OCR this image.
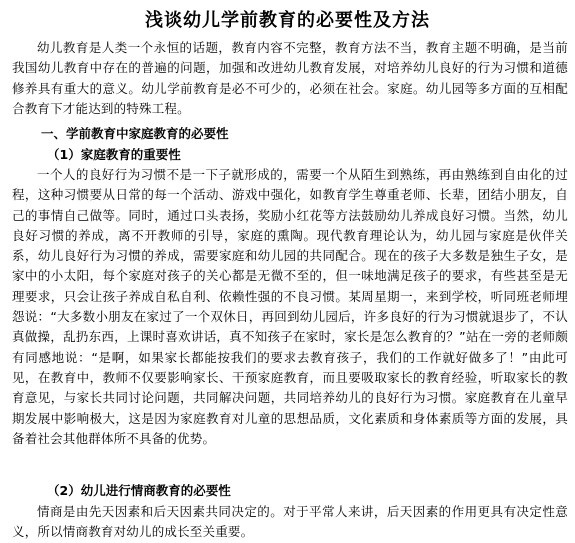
浅谈幼儿学前教育的必要性及方法

幼儿教育是人类一个永恒的话题，教育内容不完整，教育方法不当，教育主题不明确，是当前我国幼儿教育中存在的普遍的问题，加强和改进幼儿教育发展，对培养幼儿良好的行为习惯和道德修养具有重大的意义。幼儿学前教育是必不可少的，必须在社会。家庭。幼儿园等多方面的互相配合教育下才能达到的特殊工程。

一、学前教育中家庭教育的必要性
（1）家庭教育的重要性

一个人的良好行为习惯不是一下子就形成的，需要一个从陌生到熟练，再由熟练到自由化的过程，这种习惯要从日常的每一个活动、游戏中强化，如教育学生尊重老师、长辈，团结小朋友，自己的事情自己做等。同时，通过口头表扬，奖励小红花等方法鼓励幼儿养成良好习惯。当然，幼儿良好习惯的养成，离不开教师的引导，家庭的熏陶。现代教育理论认为，幼儿园与家庭是伙伴关系，幼儿良好行为习惯的养成，需要家庭和幼儿园的共同配合。现在的孩子大多数是独生子女，是家中的小太阳，每个家庭对孩子的关心都是无微不至的，但一味地满足孩子的要求，有些甚至是无理要求，只会让孩子养成自私自利、依赖性强的不良习惯。某周星期一，来到学校，听同班老师埋怨说：“大多数小朋友在家过了一个双休日，再回到幼儿园后，许多良好的行为习惯就退步了，不认真做操，乱扔东西，上课时喜欢讲话，真不知孩子在家时，家长是怎么教育的？”站在一旁的老师颇有同感地说：“是啊，如果家长都能按我们的要求去教育孩子，我们的工作就好做多了！”由此可见，在教育中，教师不仅要影响家长、干预家庭教育，而且要吸取家长的教育经验，听取家长的教育意见，与家长共同讨论问题，共同解决问题，共同培养幼儿的良好行为习惯。家庭教育在儿童早期发展中影响极大，这是因为家庭教育对儿童的思想品质，文化素质和身体素质等方面的发展，具备着社会其他群体所不具备的优势。

（2）幼儿进行情商教育的必要性

情商是由先天因素和后天因素共同决定的。对于平常人来讲，后天因素的作用更具有决定性意义，所以情商教育对幼儿的成长至关重要。
